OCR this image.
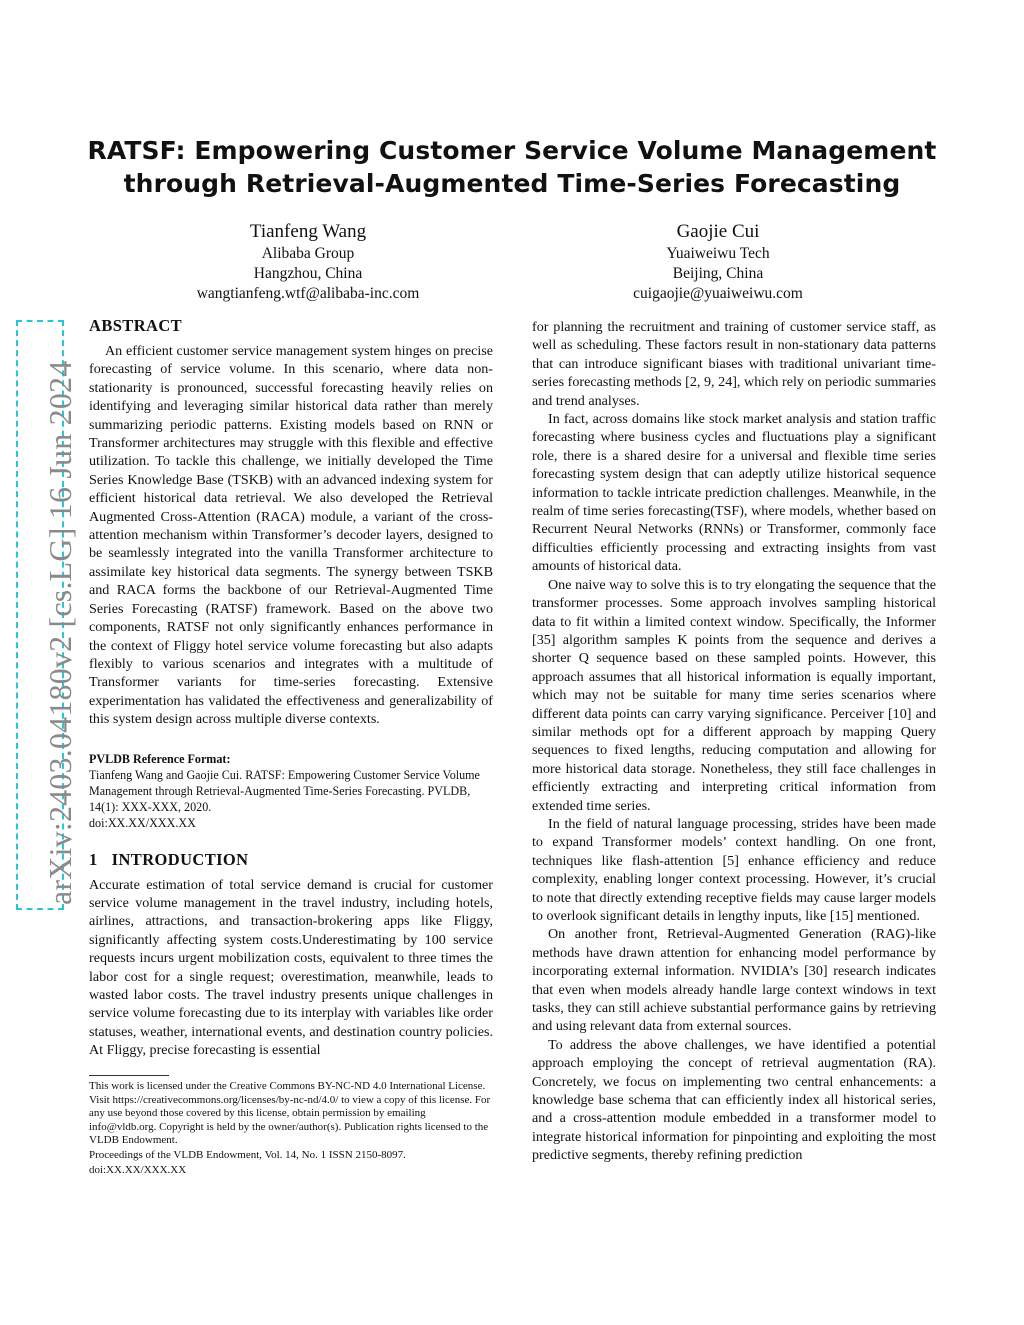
RATSF: Empowering Customer Service Volume Management
through Retrieval-Augmented Time-Series Forecasting
Tianfeng Wang
Alibaba Group
Hangzhou, China
wangtianfeng.wtf@alibaba-inc.com
Gaojie Cui
Yuaiweiwu Tech
Beijing, China
cuigaojie@yuaiweiwu.com
arXiv:2403.04180v2 [cs.LG] 16 Jun 2024
ABSTRACT

An efficient customer service management system hinges on precise forecasting of service volume. In this scenario, where data non-stationarity is pronounced, successful forecasting heavily relies on identifying and leveraging similar historical data rather than merely summarizing periodic patterns. Existing models based on RNN or Transformer architectures may struggle with this flexible and effective utilization. To tackle this challenge, we initially developed the Time Series Knowledge Base (TSKB) with an advanced indexing system for efficient historical data retrieval. We also developed the Retrieval Augmented Cross-Attention (RACA) module, a variant of the cross-attention mechanism within Transformer’s decoder layers, designed to be seamlessly integrated into the vanilla Transformer architecture to assimilate key historical data segments. The synergy between TSKB and RACA forms the backbone of our Retrieval-Augmented Time Series Forecasting (RATSF) framework. Based on the above two components, RATSF not only significantly enhances performance in the context of Fliggy hotel service volume forecasting but also adapts flexibly to various scenarios and integrates with a multitude of Transformer variants for time-series forecasting. Extensive experimentation has validated the effectiveness and generalizability of this system design across multiple diverse contexts.

PVLDB Reference Format:
Tianfeng Wang and Gaojie Cui. RATSF: Empowering Customer Service Volume Management through Retrieval-Augmented Time-Series Forecasting. PVLDB, 14(1): XXX-XXX, 2020.
doi:XX.XX/XXX.XX
1 INTRODUCTION

Accurate estimation of total service demand is crucial for customer service volume management in the travel industry, including hotels, airlines, attractions, and transaction-brokering apps like Fliggy, significantly affecting system costs.Underestimating by 100 service requests incurs urgent mobilization costs, equivalent to three times the labor cost for a single request; overestimation, meanwhile, leads to wasted labor costs. The travel industry presents unique challenges in service volume forecasting due to its interplay with variables like order statuses, weather, international events, and destination country policies. At Fliggy, precise forecasting is essential

This work is licensed under the Creative Commons BY-NC-ND 4.0 International License. Visit https://creativecommons.org/licenses/by-nc-nd/4.0/ to view a copy of this license. For any use beyond those covered by this license, obtain permission by emailing info@vldb.org. Copyright is held by the owner/author(s). Publication rights licensed to the VLDB Endowment.

Proceedings of the VLDB Endowment, Vol. 14, No. 1 ISSN 2150-8097.

doi:XX.XX/XXX.XX

for planning the recruitment and training of customer service staff, as well as scheduling. These factors result in non-stationary data patterns that can introduce significant biases with traditional univariant time-series forecasting methods [2, 9, 24], which rely on periodic summaries and trend analyses.

In fact, across domains like stock market analysis and station traffic forecasting where business cycles and fluctuations play a significant role, there is a shared desire for a universal and flexible time series forecasting system design that can adeptly utilize historical sequence information to tackle intricate prediction challenges. Meanwhile, in the realm of time series forecasting(TSF), where models, whether based on Recurrent Neural Networks (RNNs) or Transformer, commonly face difficulties efficiently processing and extracting insights from vast amounts of historical data.

One naive way to solve this is to try elongating the sequence that the transformer processes. Some approach involves sampling historical data to fit within a limited context window. Specifically, the Informer [35] algorithm samples K points from the sequence and derives a shorter Q sequence based on these sampled points. However, this approach assumes that all historical information is equally important, which may not be suitable for many time series scenarios where different data points can carry varying significance. Perceiver [10] and similar methods opt for a different approach by mapping Query sequences to fixed lengths, reducing computation and allowing for more historical data storage. Nonetheless, they still face challenges in efficiently extracting and interpreting critical information from extended time series.

In the field of natural language processing, strides have been made to expand Transformer models’ context handling. On one front, techniques like flash-attention [5] enhance efficiency and reduce complexity, enabling longer context processing. However, it’s crucial to note that directly extending receptive fields may cause larger models to overlook significant details in lengthy inputs, like [15] mentioned.

On another front, Retrieval-Augmented Generation (RAG)-like methods have drawn attention for enhancing model performance by incorporating external information. NVIDIA’s [30] research indicates that even when models already handle large context windows in text tasks, they can still achieve substantial performance gains by retrieving and using relevant data from external sources.

To address the above challenges, we have identified a potential approach employing the concept of retrieval augmentation (RA). Concretely, we focus on implementing two central enhancements: a knowledge base schema that can efficiently index all historical series, and a cross-attention module embedded in a transformer model to integrate historical information for pinpointing and exploiting the most predictive segments, thereby refining prediction
